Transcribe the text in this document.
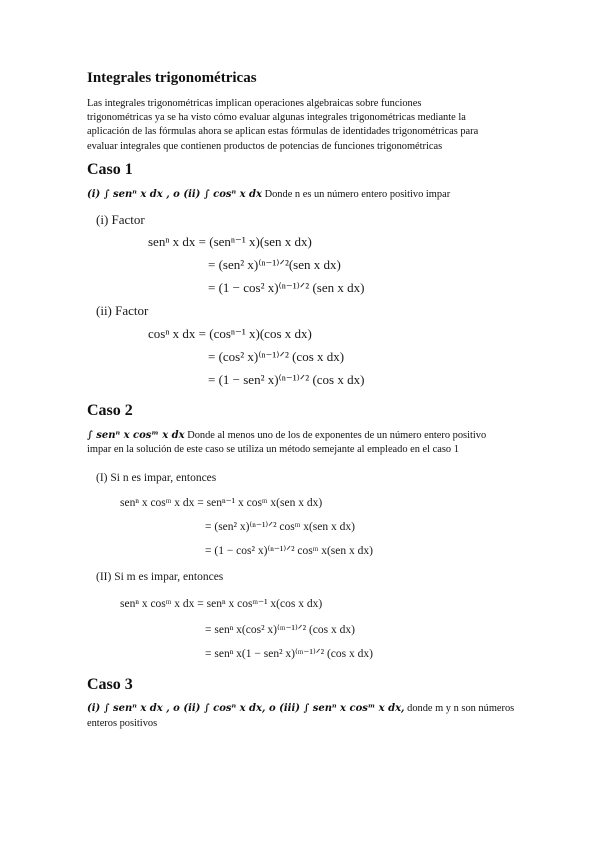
Integrales trigonométricas
Las integrales trigonométricas implican operaciones algebraicas sobre funciones
trigonométricas ya se ha visto cómo evaluar algunas integrales trigonométricas mediante la
aplicación de las fórmulas ahora se aplican estas fórmulas de identidades trigonométricas para
evaluar integrales que contienen productos de potencias de funciones trigonométricas
Caso 1
(i) ∫ senⁿ x dx , o (ii) ∫ cosⁿ x dx Donde n es un número entero positivo impar
(i) Factor
senⁿ x dx = (senⁿ⁻¹ x)(sen x dx)
= (sen² x)⁽ⁿ⁻¹⁾ᐟ²(sen x dx)
= (1 − cos² x)⁽ⁿ⁻¹⁾ᐟ² (sen x dx)
(ii) Factor
cosⁿ x dx = (cosⁿ⁻¹ x)(cos x dx)
= (cos² x)⁽ⁿ⁻¹⁾ᐟ² (cos x dx)
= (1 − sen² x)⁽ⁿ⁻¹⁾ᐟ² (cos x dx)
Caso 2
∫ senⁿ x cosᵐ x dx Donde al menos uno de los de exponentes de un número entero positivo
impar en la solución de este caso se utiliza un método semejante al empleado en el caso 1
(I) Si n es impar, entonces
senⁿ x cosᵐ x dx = senⁿ⁻¹ x cosᵐ x(sen x dx)
= (sen² x)⁽ⁿ⁻¹⁾ᐟ² cosᵐ x(sen x dx)
= (1 − cos² x)⁽ⁿ⁻¹⁾ᐟ² cosᵐ x(sen x dx)
(II) Si m es impar, entonces
senⁿ x cosᵐ x dx = senⁿ x cosᵐ⁻¹ x(cos x dx)
= senⁿ x(cos² x)⁽ᵐ⁻¹⁾ᐟ² (cos x dx)
= senⁿ x(1 − sen² x)⁽ᵐ⁻¹⁾ᐟ² (cos x dx)
Caso 3
(i) ∫ senⁿ x dx , o (ii) ∫ cosⁿ x dx, o (iii) ∫ senⁿ x cosᵐ x dx, donde m y n son números
enteros positivos
